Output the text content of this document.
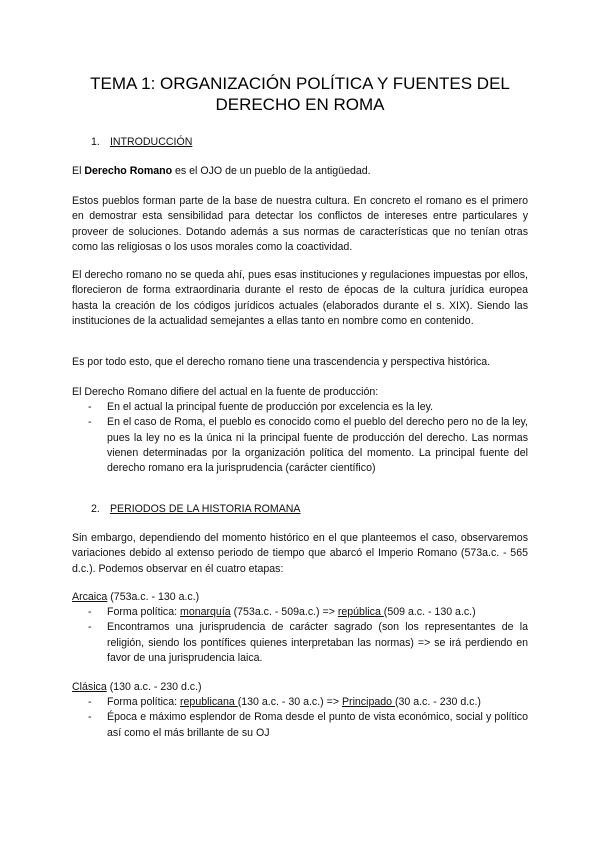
TEMA 1: ORGANIZACIÓN POLÍTICA Y FUENTES DEL DERECHO EN ROMA
1. INTRODUCCIÓN
El Derecho Romano es el OJO de un pueblo de la antigüedad.
Estos pueblos forman parte de la base de nuestra cultura. En concreto el romano es el primero en demostrar esta sensibilidad para detectar los conflictos de intereses entre particulares y proveer de soluciones. Dotando además a sus normas de características que no tenían otras como las religiosas o los usos morales como la coactividad.
El derecho romano no se queda ahí, pues esas instituciones y regulaciones impuestas por ellos, florecieron de forma extraordinaria durante el resto de épocas de la cultura jurídica europea hasta la creación de los códigos jurídicos actuales (elaborados durante el s. XIX). Siendo las instituciones de la actualidad semejantes a ellas tanto en nombre como en contenido.
Es por todo esto, que el derecho romano tiene una trascendencia y perspectiva histórica.
El Derecho Romano difiere del actual en la fuente de producción:
- En el actual la principal fuente de producción por excelencia es la ley.
- En el caso de Roma, el pueblo es conocido como el pueblo del derecho pero no de la ley, pues la ley no es la única ni la principal fuente de producción del derecho. Las normas vienen determinadas por la organización política del momento. La principal fuente del derecho romano era la jurisprudencia (carácter científico)
2. PERIODOS DE LA HISTORIA ROMANA
Sin embargo, dependiendo del momento histórico en el que planteemos el caso, observaremos variaciones debido al extenso periodo de tiempo que abarcó el Imperio Romano (573a.c. - 565 d.c.). Podemos observar en él cuatro etapas:
Arcaica (753a.c. - 130 a.c.)
- Forma política: monarquía (753a.c. - 509a.c.) => república (509 a.c. - 130 a.c.)
- Encontramos una jurisprudencia de carácter sagrado (son los representantes de la religión, siendo los pontífices quienes interpretaban las normas) => se irá perdiendo en favor de una jurisprudencia laica.
Clásica (130 a.c. - 230 d.c.)
- Forma política: republicana (130 a.c. - 30 a.c.) => Principado (30 a.c. - 230 d.c.)
- Época e máximo esplendor de Roma desde el punto de vista económico, social y político así como el más brillante de su OJ
